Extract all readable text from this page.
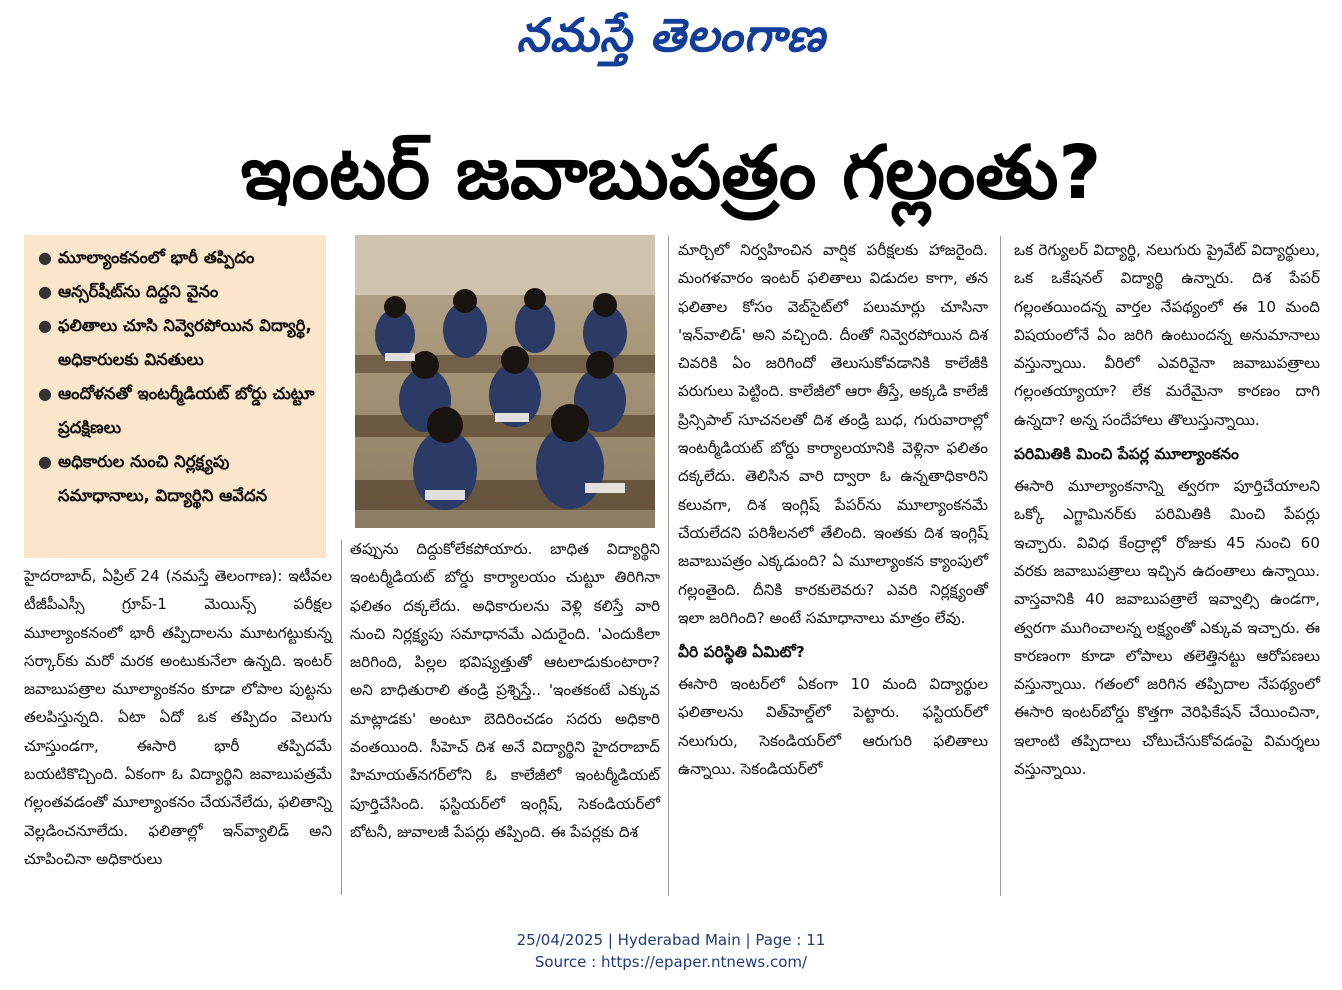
నమస్తే తెలంగాణ
ఇంటర్ జవాబుపత్రం గల్లంతు?
● మూల్యాంకనంలో భారీ తప్పిదం
● ఆన్సర్‌షీట్‌ను దిద్దని వైనం
● ఫలితాలు చూసి నివ్వెరపోయిన విద్యార్థి, అధికారులకు వినతులు
● ఆందోళనతో ఇంటర్మీడియట్ బోర్డు చుట్టూ ప్రదక్షిణలు
● అధికారుల నుంచి నిర్లక్ష్యపు సమాధానాలు, విద్యార్థిని ఆవేదన

హైదరాబాద్, ఏప్రిల్ 24 (నమస్తే తెలంగాణ): ఇటీవల టీజీపీఎస్సీ గ్రూప్-1 మెయిన్స్ పరీక్షల మూల్యాంకనంలో భారీ తప్పిదాలను మూటగట్టుకున్న సర్కార్‌కు మరో మరక అంటుకునేలా ఉన్నది. ఇంటర్ జవాబుపత్రాల మూల్యాంకనం కూడా లోపాల పుట్టను తలపిస్తున్నది. ఏటా ఏదో ఒక తప్పిదం వెలుగు చూస్తుండగా, ఈసారి భారీ తప్పిదమే బయటికొచ్చింది. ఏకంగా ఓ విద్యార్థిని జవాబుపత్రమే గల్లంతవడంతో మూల్యాంకనం చేయనేలేదు, ఫలితాన్ని వెల్లడించనూలేదు. ఫలితాల్లో ఇన్‌వ్యాలిడ్ అని చూపించినా అధికారులు

తప్పును దిద్దుకోలేకపోయారు. బాధిత విద్యార్థిని ఇంటర్మీడియట్ బోర్డు కార్యాలయం చుట్టూ తిరిగినా ఫలితం దక్కలేదు. అధికారులను వెళ్లి కలిస్తే వారి నుంచి నిర్లక్ష్యపు సమాధానమే ఎదురైంది. 'ఎందుకిలా జరిగింది, పిల్లల భవిష్యత్తుతో ఆటలాడుకుంటారా? అని బాధితురాలి తండ్రి ప్రశ్నిస్తే.. 'ఇంతకంటే ఎక్కువ మాట్లాడకు' అంటూ బెదిరించడం సదరు అధికారి వంతయింది. సీహెచ్ దిశ అనే విద్యార్థిని హైదరాబాద్ హిమాయత్‌నగర్‌లోని ఓ కాలేజీలో ఇంటర్మీడియట్ పూర్తిచేసింది. ఫస్టియర్‌లో ఇంగ్లిష్, సెకండియర్‌లో బోటనీ, జువాలజీ పేపర్లు తప్పింది. ఈ పేపర్లకు దిశ

మార్చిలో నిర్వహించిన వార్షిక పరీక్షలకు హాజరైంది. మంగళవారం ఇంటర్ ఫలితాలు విడుదల కాగా, తన ఫలితాల కోసం వెబ్‌సైట్‌లో పలుమార్లు చూసినా 'ఇన్‌వాలిడ్' అని వచ్చింది. దీంతో నివ్వెరపోయిన దిశ చివరికి ఏం జరిగిందో తెలుసుకోవడానికి కాలేజీకి పరుగులు పెట్టింది. కాలేజీలో ఆరా తీస్తే, అక్కడి కాలేజీ ప్రిన్సిపాల్ సూచనలతో దిశ తండ్రి బుధ, గురువారాల్లో ఇంటర్మీడియట్ బోర్డు కార్యాలయానికి వెళ్లినా ఫలితం దక్కలేదు. తెలిసిన వారి ద్వారా ఓ ఉన్నతాధికారిని కలువగా, దిశ ఇంగ్లిష్ పేపర్‌ను మూల్యాంకనమే చేయలేదని పరిశీలనలో తేలింది. ఇంతకు దిశ ఇంగ్లిష్ జవాబుపత్రం ఎక్కడుంది? ఏ మూల్యాంకన క్యాంపులో గల్లంతైంది. దీనికి కారకులెవరు? ఎవరి నిర్లక్ష్యంతో ఇలా జరిగింది? అంటే సమాధానాలు మాత్రం లేవు.

వీరి పరిస్థితి ఏమిటో?

ఈసారి ఇంటర్‌లో ఏకంగా 10 మంది విద్యార్థుల ఫలితాలను విత్‌హెల్డ్‌లో పెట్టారు. ఫస్టియర్‌లో నలుగురు, సెకండియర్‌లో ఆరుగురి ఫలితాలు ఉన్నాయి. సెకండియర్‌లో

ఒక రెగ్యులర్ విద్యార్థి, నలుగురు ప్రైవేట్ విద్యార్థులు, ఒక ఒకేషనల్ విద్యార్థి ఉన్నారు. దిశ పేపర్ గల్లంతయిందన్న వార్తల నేపథ్యంలో ఈ 10 మంది విషయంలోనే ఏం జరిగి ఉంటుందన్న అనుమానాలు వస్తున్నాయి. వీరిలో ఎవరివైనా జవాబుపత్రాలు గల్లంతయ్యాయా? లేక మరేమైనా కారణం దాగి ఉన్నదా? అన్న సందేహాలు తొలుస్తున్నాయి.

పరిమితికి మించి పేపర్ల మూల్యాంకనం

ఈసారి మూల్యాంకనాన్ని త్వరగా పూర్తిచేయాలని ఒక్కో ఎగ్జామినర్‌కు పరిమితికి మించి పేపర్లు ఇచ్చారు. వివిధ కేంద్రాల్లో రోజుకు 45 నుంచి 60 వరకు జవాబుపత్రాలు ఇచ్చిన ఉదంతాలు ఉన్నాయి. వాస్తవానికి 40 జవాబుపత్రాలే ఇవ్వాల్సి ఉండగా, త్వరగా ముగించాలన్న లక్ష్యంతో ఎక్కువ ఇచ్చారు. ఈ కారణంగా కూడా లోపాలు తలెత్తినట్టు ఆరోపణలు వస్తున్నాయి. గతంలో జరిగిన తప్పిదాల నేపథ్యంలో ఈసారి ఇంటర్‌బోర్డు కొత్తగా వెరిఫికేషన్ చేయించినా, ఇలాంటి తప్పిదాలు చోటుచేసుకోవడంపై విమర్శలు వస్తున్నాయి.

25/04/2025 | Hyderabad Main | Page : 11
Source : https://epaper.ntnews.com/
